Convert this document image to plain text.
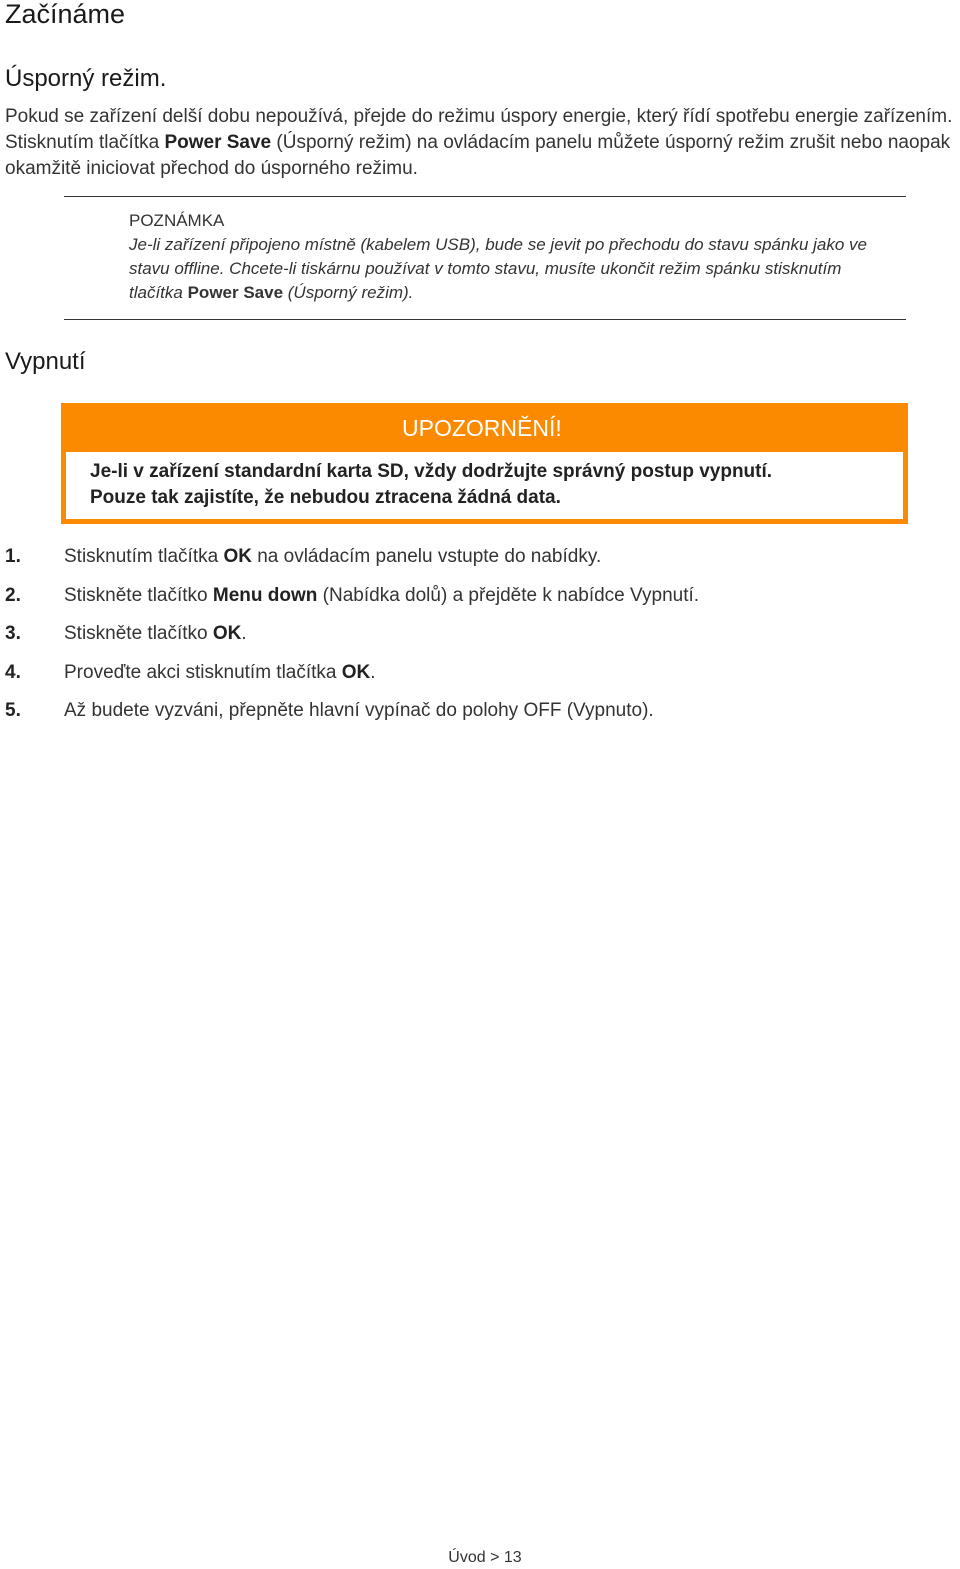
Začínáme
Úsporný režim.

Pokud se zařízení delší dobu nepoužívá, přejde do režimu úspory energie, který řídí spotřebu energie zařízením. Stisknutím tlačítka Power Save (Úsporný režim) na ovládacím panelu můžete úsporný režim zrušit nebo naopak okamžitě iniciovat přechod do úsporného režimu.

POZNÁMKA
Je-li zařízení připojeno místně (kabelem USB), bude se jevit po přechodu do stavu spánku jako ve stavu offline. Chcete-li tiskárnu používat v tomto stavu, musíte ukončit režim spánku stisknutím tlačítka Power Save (Úsporný režim).
Vypnutí
UPOZORNĚNÍ!
Je-li v zařízení standardní karta SD, vždy dodržujte správný postup vypnutí.
Pouze tak zajistíte, že nebudou ztracena žádná data.
1. Stisknutím tlačítka OK na ovládacím panelu vstupte do nabídky.
2. Stiskněte tlačítko Menu down (Nabídka dolů) a přejděte k nabídce Vypnutí.
3. Stiskněte tlačítko OK.
4. Proveďte akci stisknutím tlačítka OK.
5. Až budete vyzváni, přepněte hlavní vypínač do polohy OFF (Vypnuto).
Úvod > 13
